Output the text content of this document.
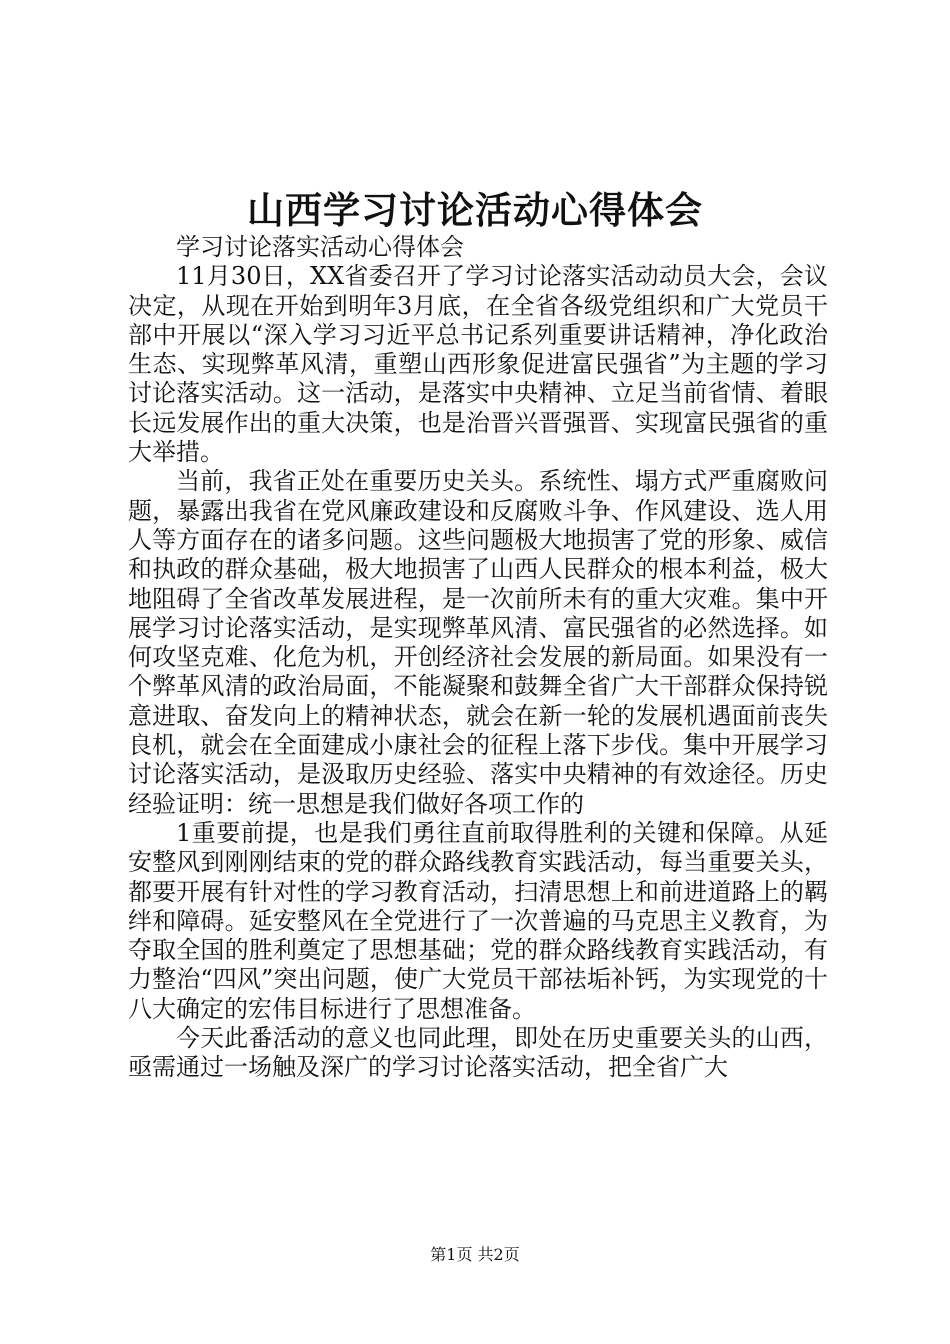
山西学习讨论活动心得体会

学习讨论落实活动心得体会

11月30日，XX省委召开了学习讨论落实活动动员大会，会议决定，从现在开始到明年3月底，在全省各级党组织和广大党员干部中开展以“深入学习习近平总书记系列重要讲话精神，净化政治生态、实现弊革风清，重塑山西形象促进富民强省”为主题的学习讨论落实活动。这一活动，是落实中央精神、立足当前省情、着眼长远发展作出的重大决策，也是治晋兴晋强晋、实现富民强省的重大举措。

当前，我省正处在重要历史关头。系统性、塌方式严重腐败问题，暴露出我省在党风廉政建设和反腐败斗争、作风建设、选人用人等方面存在的诸多问题。这些问题极大地损害了党的形象、威信和执政的群众基础，极大地损害了山西人民群众的根本利益，极大地阻碍了全省改革发展进程，是一次前所未有的重大灾难。集中开展学习讨论落实活动，是实现弊革风清、富民强省的必然选择。如何攻坚克难、化危为机，开创经济社会发展的新局面。如果没有一个弊革风清的政治局面，不能凝聚和鼓舞全省广大干部群众保持锐意进取、奋发向上的精神状态，就会在新一轮的发展机遇面前丧失良机，就会在全面建成小康社会的征程上落下步伐。集中开展学习讨论落实活动，是汲取历史经验、落实中央精神的有效途径。历史经验证明：统一思想是我们做好各项工作的

1重要前提，也是我们勇往直前取得胜利的关键和保障。从延安整风到刚刚结束的党的群众路线教育实践活动，每当重要关头，都要开展有针对性的学习教育活动，扫清思想上和前进道路上的羁绊和障碍。延安整风在全党进行了一次普遍的马克思主义教育，为夺取全国的胜利奠定了思想基础；党的群众路线教育实践活动，有力整治“四风”突出问题，使广大党员干部祛垢补钙，为实现党的十八大确定的宏伟目标进行了思想准备。

今天此番活动的意义也同此理，即处在历史重要关头的山西，亟需通过一场触及深广的学习讨论落实活动，把全省广大

第1页 共2页
